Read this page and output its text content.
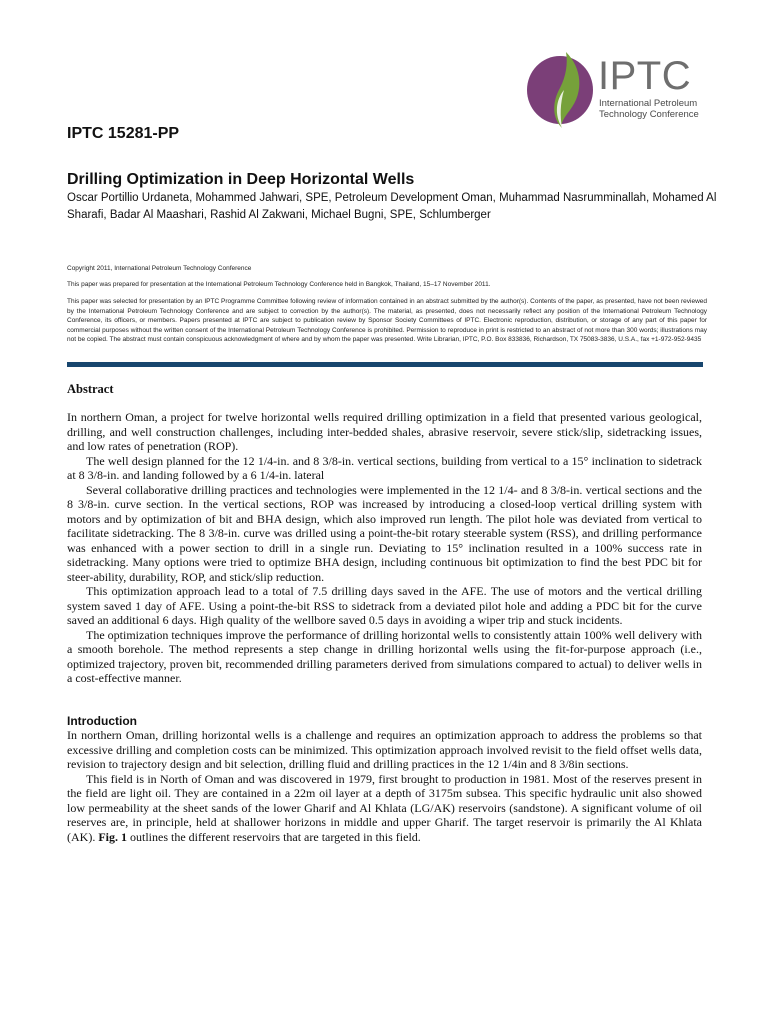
IPTC
International Petroleum
Technology Conference
IPTC 15281-PP
Drilling Optimization in Deep Horizontal Wells
Oscar Portillio Urdaneta, Mohammed Jahwari, SPE, Petroleum Development Oman, Muhammad Nasrumminallah, Mohamed Al Sharafi, Badar Al Maashari, Rashid Al Zakwani, Michael Bugni, SPE, Schlumberger
Copyright 2011, International Petroleum Technology Conference
This paper was prepared for presentation at the International Petroleum Technology Conference held in Bangkok, Thailand, 15–17 November 2011.
This paper was selected for presentation by an IPTC Programme Committee following review of information contained in an abstract submitted by the author(s). Contents of the paper, as presented, have not been reviewed by the International Petroleum Technology Conference and are subject to correction by the author(s). The material, as presented, does not necessarily reflect any position of the International Petroleum Technology Conference, its officers, or members. Papers presented at IPTC are subject to publication review by Sponsor Society Committees of IPTC. Electronic reproduction, distribution, or storage of any part of this paper for commercial purposes without the written consent of the International Petroleum Technology Conference is prohibited. Permission to reproduce in print is restricted to an abstract of not more than 300 words; illustrations may not be copied. The abstract must contain conspicuous acknowledgment of where and by whom the paper was presented. Write Librarian, IPTC, P.O. Box 833836, Richardson, TX 75083-3836, U.S.A., fax +1-972-952-9435
Abstract

In northern Oman, a project for twelve horizontal wells required drilling optimization in a field that presented various geological, drilling, and well construction challenges, including inter-bedded shales, abrasive reservoir, severe stick/slip, sidetracking issues, and low rates of penetration (ROP).

The well design planned for the 12 1/4-in. and 8 3/8-in. vertical sections, building from vertical to a 15° inclination to sidetrack at 8 3/8-in. and landing followed by a 6 1/4-in. lateral

Several collaborative drilling practices and technologies were implemented in the 12 1/4- and 8 3/8-in. vertical sections and the 8 3/8-in. curve section. In the vertical sections, ROP was increased by introducing a closed-loop vertical drilling system with motors and by optimization of bit and BHA design, which also improved run length. The pilot hole was deviated from vertical to facilitate sidetracking. The 8 3/8-in. curve was drilled using a point-the-bit rotary steerable system (RSS), and drilling performance was enhanced with a power section to drill in a single run. Deviating to 15° inclination resulted in a 100% success rate in sidetracking. Many options were tried to optimize BHA design, including continuous bit optimization to find the best PDC bit for steer-ability, durability, ROP, and stick/slip reduction.

This optimization approach lead to a total of 7.5 drilling days saved in the AFE. The use of motors and the vertical drilling system saved 1 day of AFE. Using a point-the-bit RSS to sidetrack from a deviated pilot hole and adding a PDC bit for the curve saved an additional 6 days. High quality of the wellbore saved 0.5 days in avoiding a wiper trip and stuck incidents.

The optimization techniques improve the performance of drilling horizontal wells to consistently attain 100% well delivery with a smooth borehole. The method represents a step change in drilling horizontal wells using the fit-for-purpose approach (i.e., optimized trajectory, proven bit, recommended drilling parameters derived from simulations compared to actual) to deliver wells in a cost-effective manner.

Introduction

In northern Oman, drilling horizontal wells is a challenge and requires an optimization approach to address the problems so that excessive drilling and completion costs can be minimized. This optimization approach involved revisit to the field offset wells data, revision to trajectory design and bit selection, drilling fluid and drilling practices in the 12 1/4in and 8 3/8in sections.

This field is in North of Oman and was discovered in 1979, first brought to production in 1981. Most of the reserves present in the field are light oil. They are contained in a 22m oil layer at a depth of 3175m subsea. This specific hydraulic unit also showed low permeability at the sheet sands of the lower Gharif and Al Khlata (LG/AK) reservoirs (sandstone). A significant volume of oil reserves are, in principle, held at shallower horizons in middle and upper Gharif. The target reservoir is primarily the Al Khlata (AK). Fig. 1 outlines the different reservoirs that are targeted in this field.
